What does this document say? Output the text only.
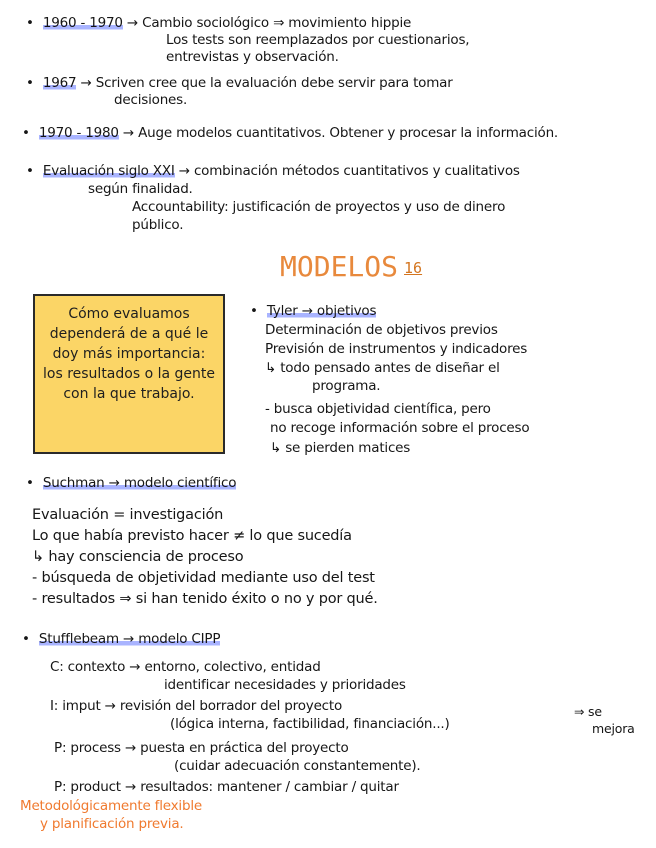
• 1960 - 1970 → Cambio sociológico ⇒ movimiento hippie
Los tests son reemplazados por cuestionarios,
entrevistas y observación.
• 1967 → Scriven cree que la evaluación debe servir para tomar
decisiones.
• 1970 - 1980 → Auge modelos cuantitativos. Obtener y procesar la información.
• Evaluación siglo XXI → combinación métodos cuantitativos y cualitativos
según finalidad.
Accountability: justificación de proyectos y uso de dinero
público.
MODELOS 16
Cómo evaluamos dependerá de a qué le doy más importancia: los resultados o la gente con la que trabajo.
• Tyler → objetivos
Determinación de objetivos previos
Previsión de instrumentos y indicadores
↳ todo pensado antes de diseñar el
programa.
- busca objetividad científica, pero
no recoge información sobre el proceso
↳ se pierden matices
• Suchman → modelo científico
Evaluación = investigación
Lo que había previsto hacer ≠ lo que sucedía
↳ hay consciencia de proceso
- búsqueda de objetividad mediante uso del test
- resultados ⇒ si han tenido éxito o no y por qué.
• Stufflebeam → modelo CIPP
C: contexto → entorno, colectivo, entidad
identificar necesidades y prioridades
I: imput → revisión del borrador del proyecto
(lógica interna, factibilidad, financiación...)
⇒ se
mejora
P: process → puesta en práctica del proyecto
(cuidar adecuación constantemente).
P: product → resultados: mantener / cambiar / quitar
Metodológicamente flexible
y planificación previa.
